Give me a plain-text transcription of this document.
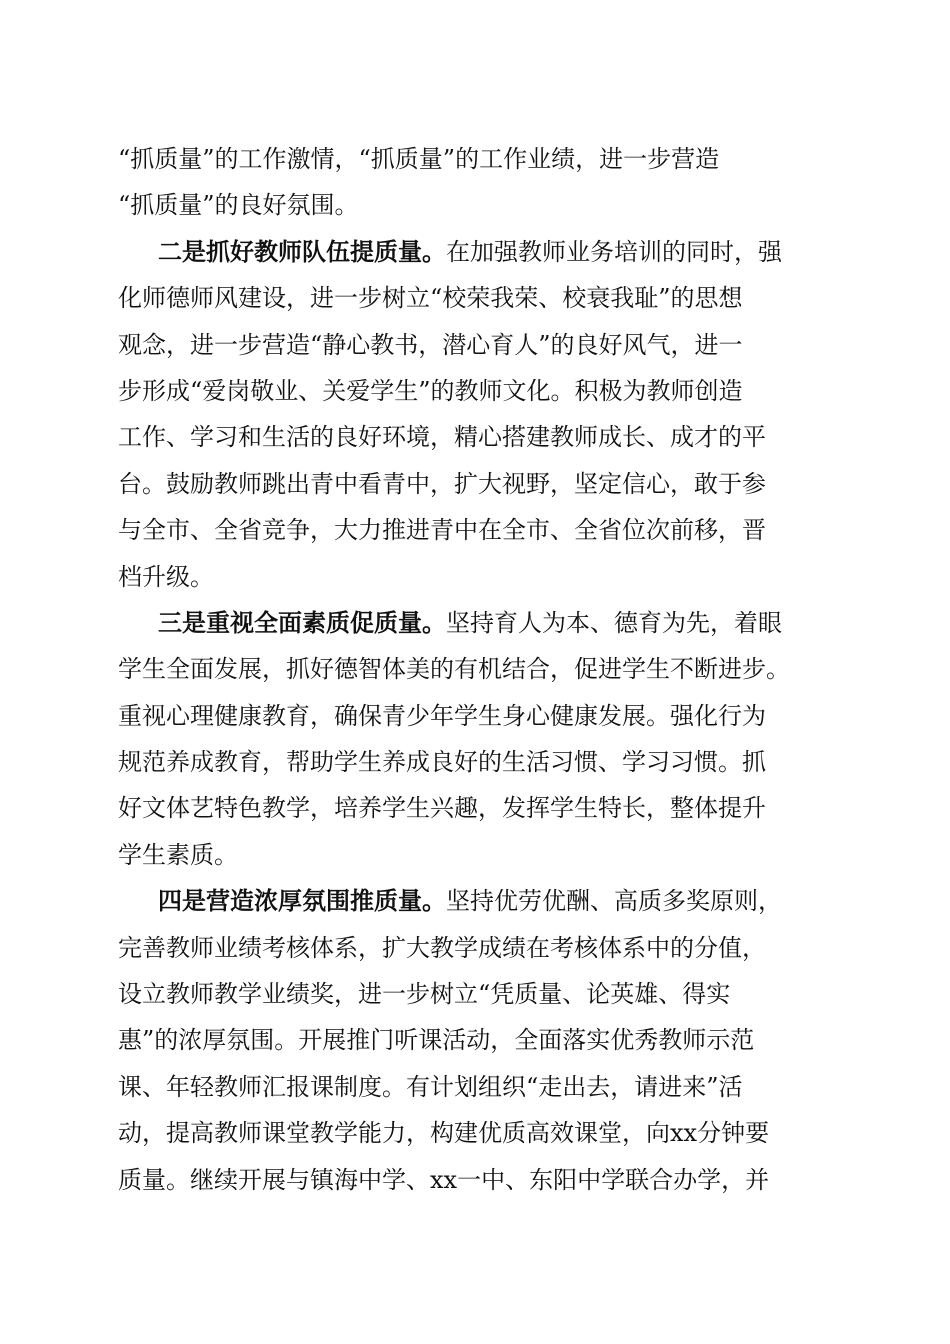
“抓质量”的工作激情，“抓质量”的工作业绩，进一步营造
“抓质量”的良好氛围。
二是抓好教师队伍提质量。在加强教师业务培训的同时，强
化师德师风建设，进一步树立“校荣我荣、校衰我耻”的思想
观念，进一步营造“静心教书，潜心育人”的良好风气，进一
步形成“爱岗敬业、关爱学生”的教师文化。积极为教师创造
工作、学习和生活的良好环境，精心搭建教师成长、成才的平
台。鼓励教师跳出青中看青中，扩大视野，坚定信心，敢于参
与全市、全省竞争，大力推进青中在全市、全省位次前移，晋
档升级。
三是重视全面素质促质量。坚持育人为本、德育为先，着眼
学生全面发展，抓好德智体美的有机结合，促进学生不断进步。
重视心理健康教育，确保青少年学生身心健康发展。强化行为
规范养成教育，帮助学生养成良好的生活习惯、学习习惯。抓
好文体艺特色教学，培养学生兴趣，发挥学生特长，整体提升
学生素质。
四是营造浓厚氛围推质量。坚持优劳优酬、高质多奖原则，
完善教师业绩考核体系，扩大教学成绩在考核体系中的分值，
设立教师教学业绩奖，进一步树立“凭质量、论英雄、得实
惠”的浓厚氛围。开展推门听课活动，全面落实优秀教师示范
课、年轻教师汇报课制度。有计划组织“走出去，请进来”活
动，提高教师课堂教学能力，构建优质高效课堂，向xx分钟要
质量。继续开展与镇海中学、xx一中、东阳中学联合办学，并
